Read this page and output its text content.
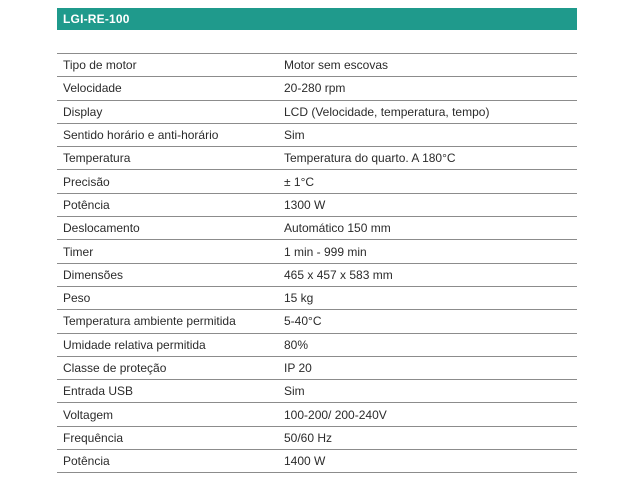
LGI-RE-100
Tipo de motor	Motor sem escovas
Velocidade	20-280 rpm
Display	LCD (Velocidade, temperatura, tempo)
Sentido horário e anti-horário	Sim
Temperatura	Temperatura do quarto. A 180°C
Precisão	± 1°C
Potência	1300 W
Deslocamento	Automático 150 mm
Timer	1 min - 999 min
Dimensões	465 x 457 x 583 mm
Peso	15 kg
Temperatura ambiente permitida	5-40°C
Umidade relativa permitida	80%
Classe de proteção	IP 20
Entrada USB	Sim
Voltagem	100-200/ 200-240V
Frequência	50/60 Hz
Potência	1400 W
